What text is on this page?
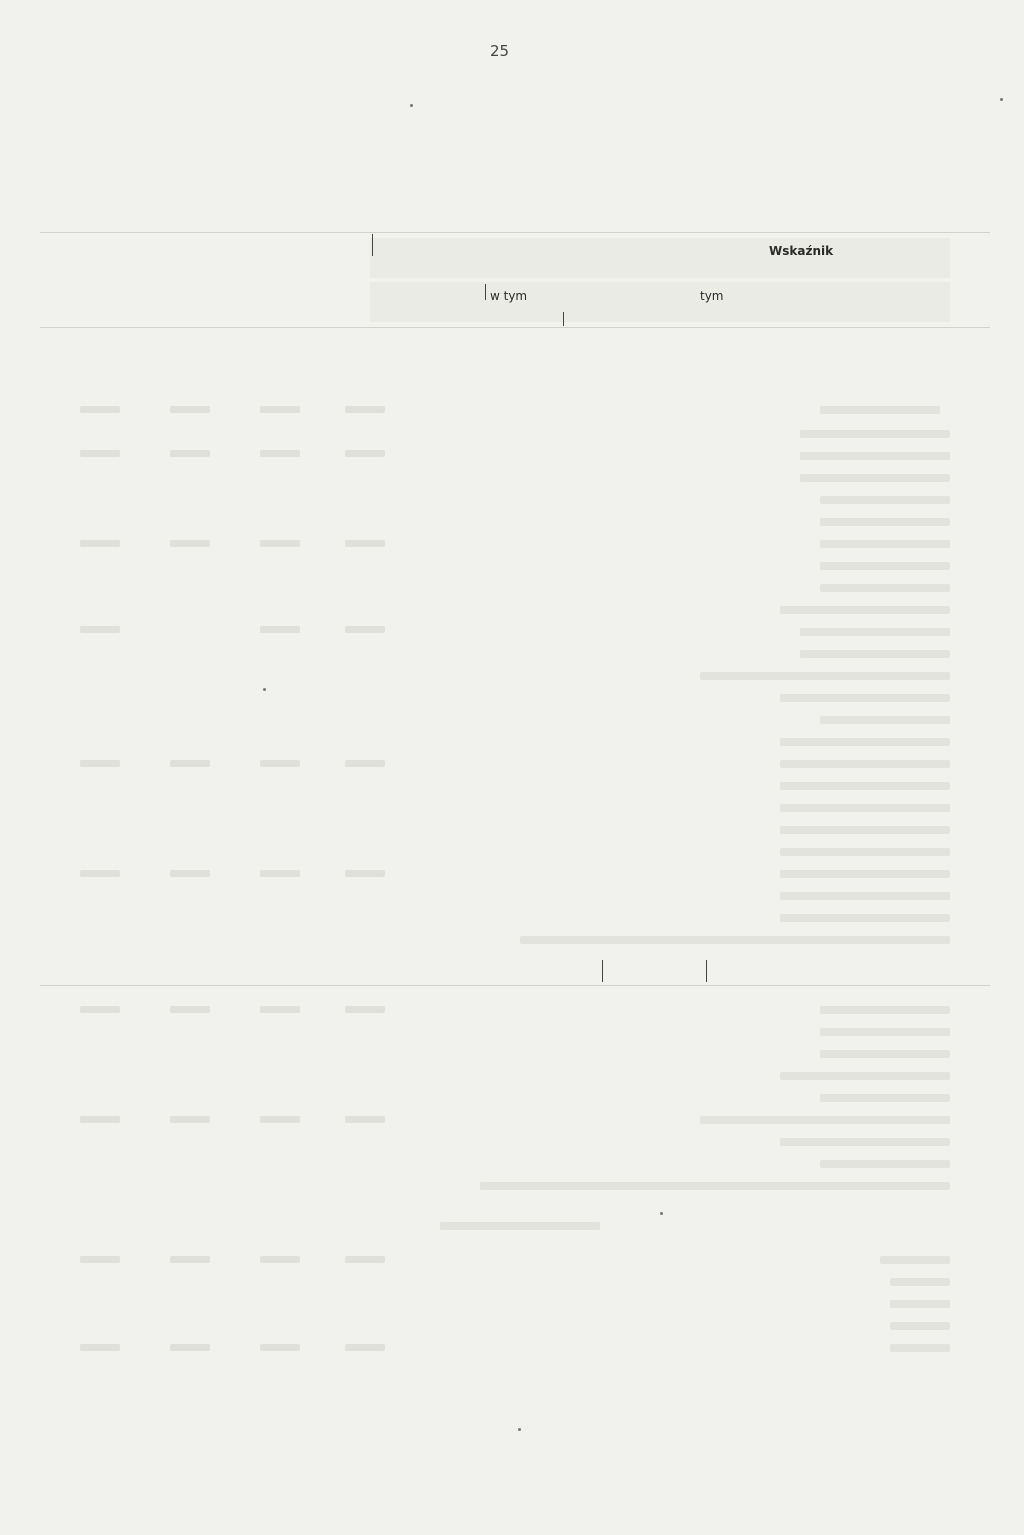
25
Wskaźnik
w tym	tym
